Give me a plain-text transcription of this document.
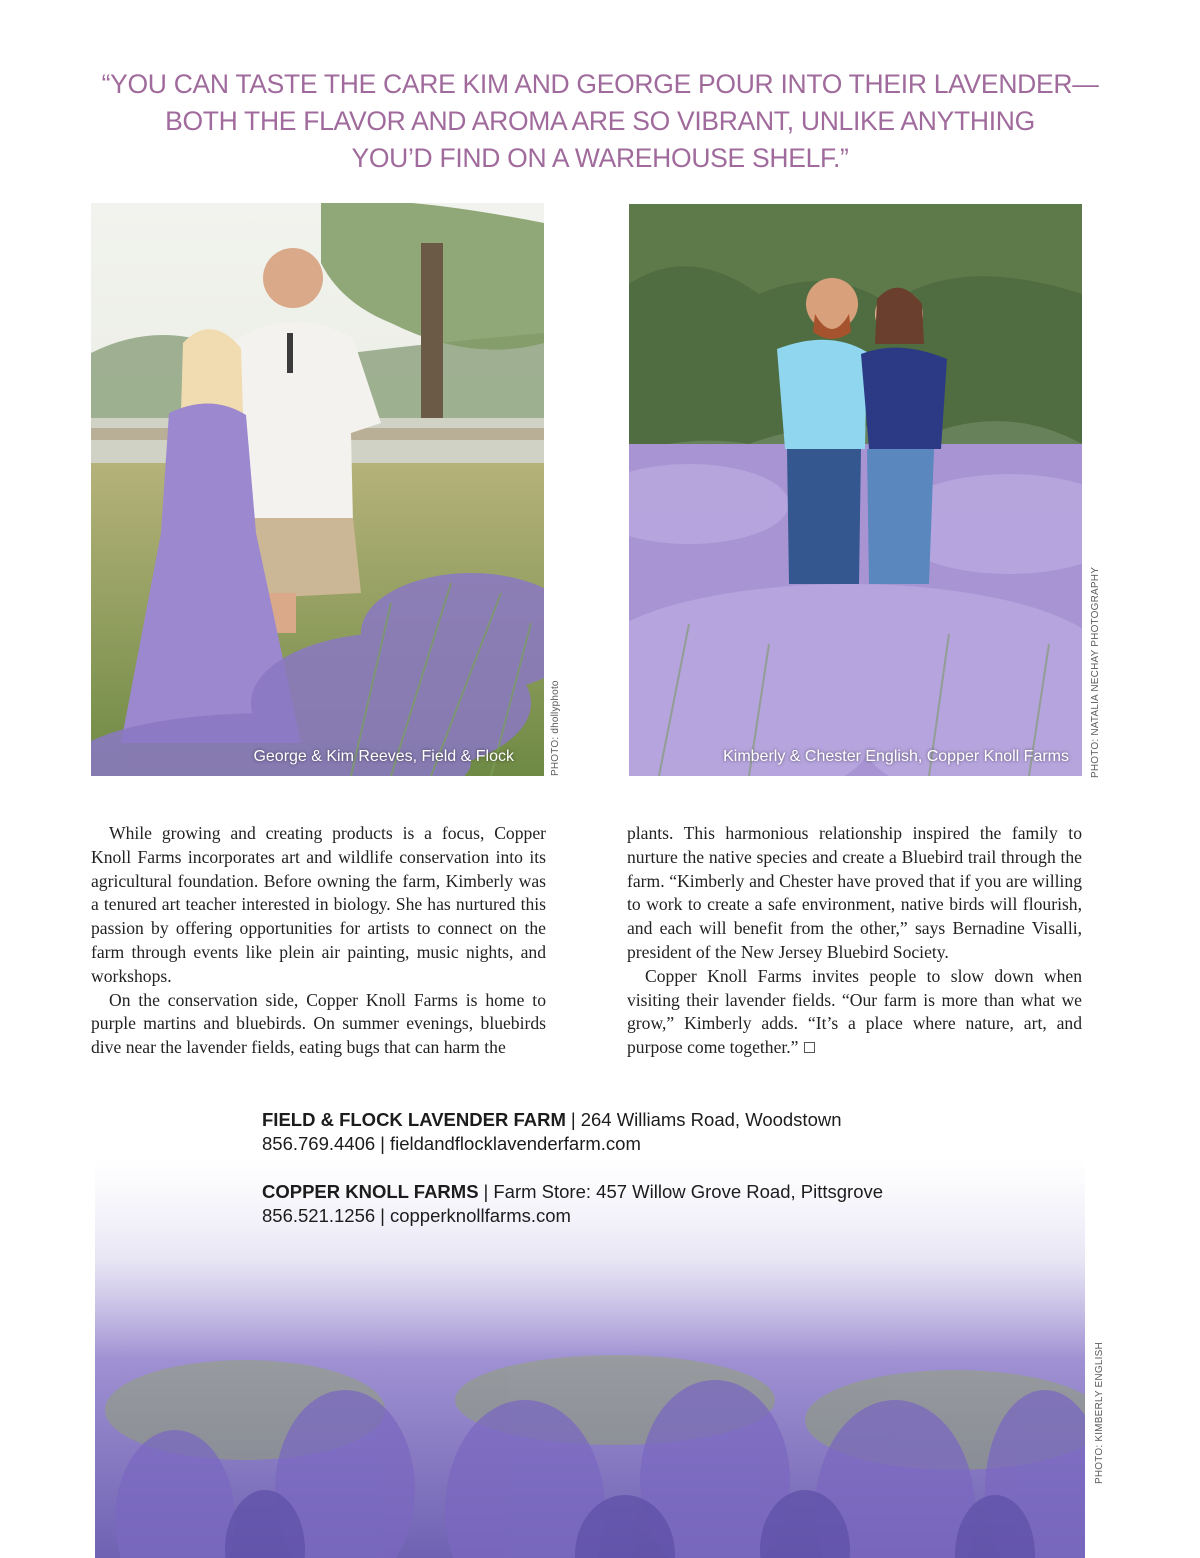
“YOU CAN TASTE THE CARE KIM AND GEORGE POUR INTO THEIR LAVENDER—
BOTH THE FLAVOR AND AROMA ARE SO VIBRANT, UNLIKE ANYTHING
YOU’D FIND ON A WAREHOUSE SHELF.”
George & Kim Reeves, Field & Flock	PHOTO: dhollyphoto	Kimberly & Chester English, Copper Knoll Farms PHOTO: NATALIA NECHAY PHOTOGRAPHY

While growing and creating products is a focus, Copper Knoll Farms incorporates art and wildlife conservation into its agricultural foundation. Before owning the farm, Kimberly was a tenured art teacher interested in biology. She has nurtured this passion by offering opportunities for artists to connect on the farm through events like plein air painting, music nights, and workshops.

On the conservation side, Copper Knoll Farms is home to purple martins and bluebirds. On summer evenings, bluebirds dive near the lavender fields, eating bugs that can harm the

plants. This harmonious relationship inspired the family to nurture the native species and create a Bluebird trail through the farm. “Kimberly and Chester have proved that if you are willing to work to create a safe environment, native birds will flourish, and each will benefit from the other,” says Bernadine Visalli, president of the New Jersey Bluebird Society.

Copper Knoll Farms invites people to slow down when visiting their lavender fields. “Our farm is more than what we grow,” Kimberly adds. “It’s a place where nature, art, and purpose come together.”

PHOTO: KIMBERLY ENGLISH
FIELD & FLOCK LAVENDER FARM | 264 Williams Road, Woodstown
856.769.4406 | fieldandflocklavenderfarm.com
COPPER KNOLL FARMS | Farm Store: 457 Willow Grove Road, Pittsgrove
856.521.1256 | copperknollfarms.com
